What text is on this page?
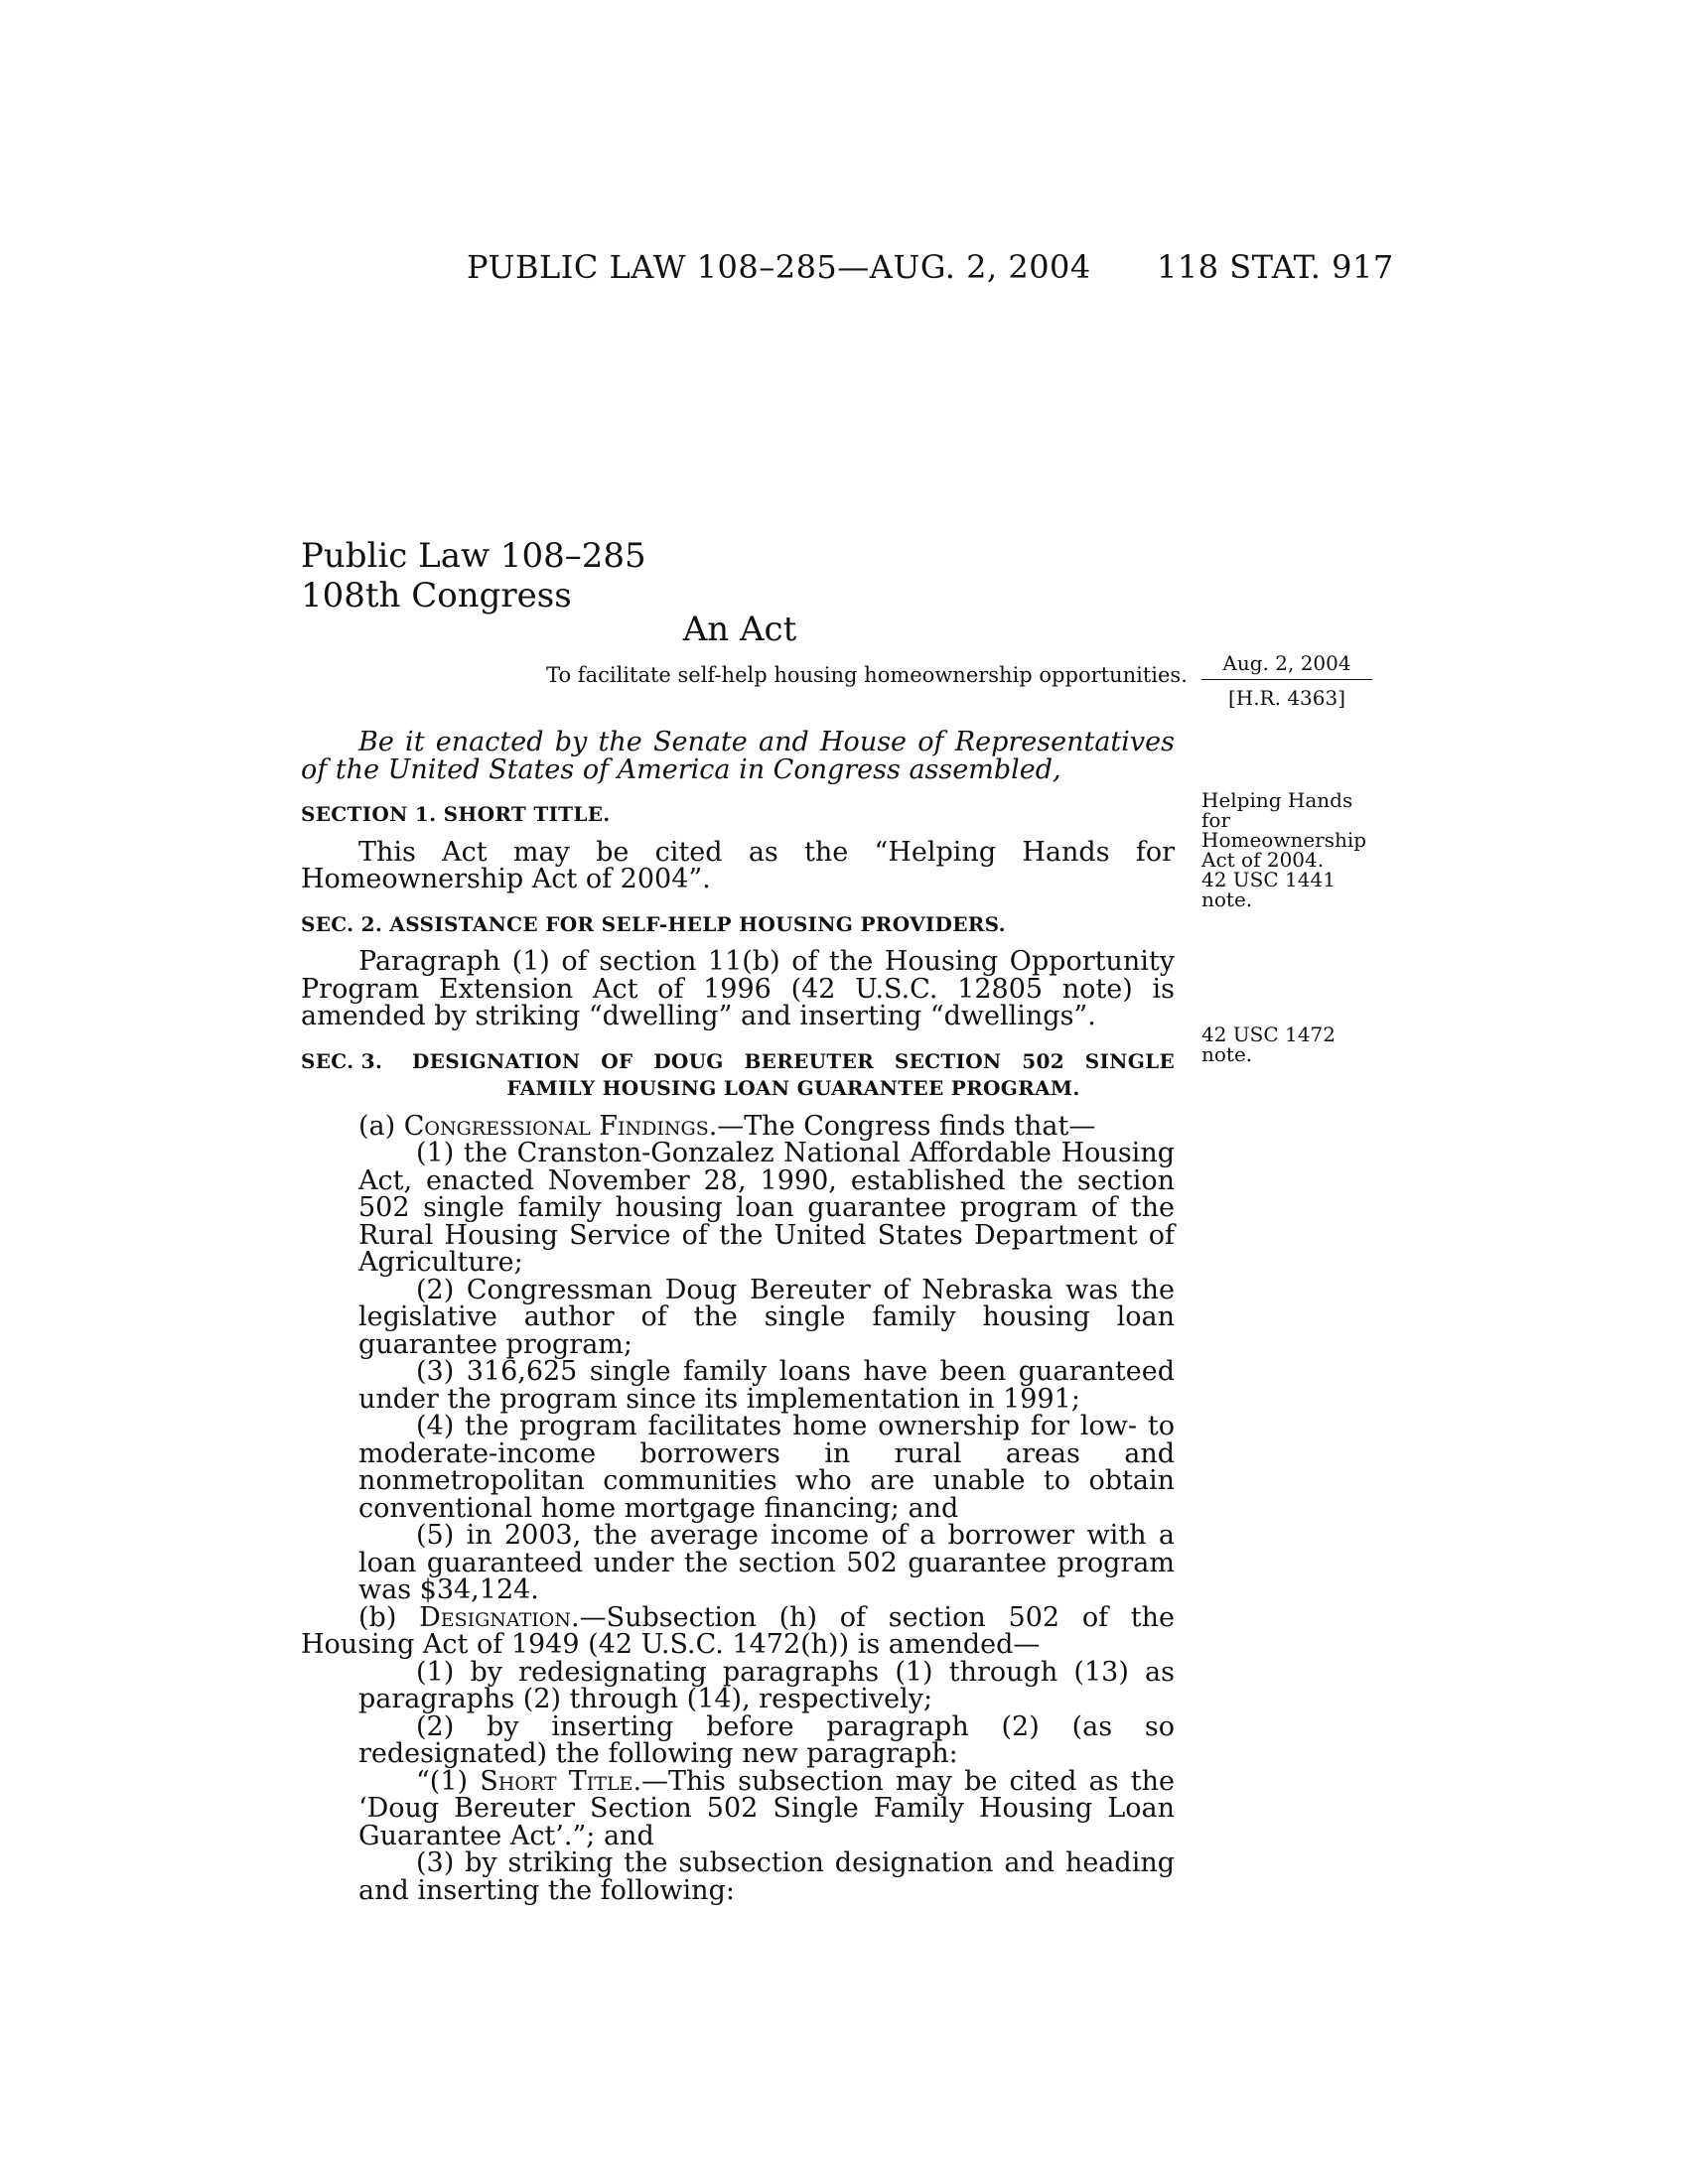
PUBLIC LAW 108–285—AUG. 2, 2004 118 STAT. 917
Public Law 108–285
108th Congress
An Act
To facilitate self-help housing homeownership opportunities.	Aug. 2, 2004
[H.R. 4363]
Helping Hands
for
Homeownership
Act of 2004.
42 USC 1441
note.
42 USC 1472
note.

Be it enacted by the Senate and House of Representatives of the United States of America in Congress assembled,

SECTION 1. SHORT TITLE.

This Act may be cited as the “Helping Hands for Homeownership Act of 2004”.

SEC. 2. ASSISTANCE FOR SELF-HELP HOUSING PROVIDERS.

Paragraph (1) of section 11(b) of the Housing Opportunity Program Extension Act of 1996 (42 U.S.C. 12805 note) is amended by striking “dwelling” and inserting “dwellings”.

SEC. 3.	DESIGNATION OF DOUG BEREUTER SECTION 502 SINGLE FAMILY HOUSING LOAN GUARANTEE PROGRAM.

(a) Congressional Findings.—The Congress finds that—

(1) the Cranston-Gonzalez National Affordable Housing Act, enacted November 28, 1990, established the section 502 single family housing loan guarantee program of the Rural Housing Service of the United States Department of Agriculture;

(2) Congressman Doug Bereuter of Nebraska was the legislative author of the single family housing loan guarantee program;

(3) 316,625 single family loans have been guaranteed under the program since its implementation in 1991;

(4) the program facilitates home ownership for low- to moderate-income borrowers in rural areas and nonmetropolitan communities who are unable to obtain conventional home mortgage financing; and

(5) in 2003, the average income of a borrower with a loan guaranteed under the section 502 guarantee program was $34,124.

(b) Designation.—Subsection (h) of section 502 of the Housing Act of 1949 (42 U.S.C. 1472(h)) is amended—

(1) by redesignating paragraphs (1) through (13) as paragraphs (2) through (14), respectively;

(2) by inserting before paragraph (2) (as so redesignated) the following new paragraph:

“(1) Short Title.—This subsection may be cited as the ‘Doug Bereuter Section 502 Single Family Housing Loan Guarantee Act’.”; and

(3) by striking the subsection designation and heading and inserting the following:
